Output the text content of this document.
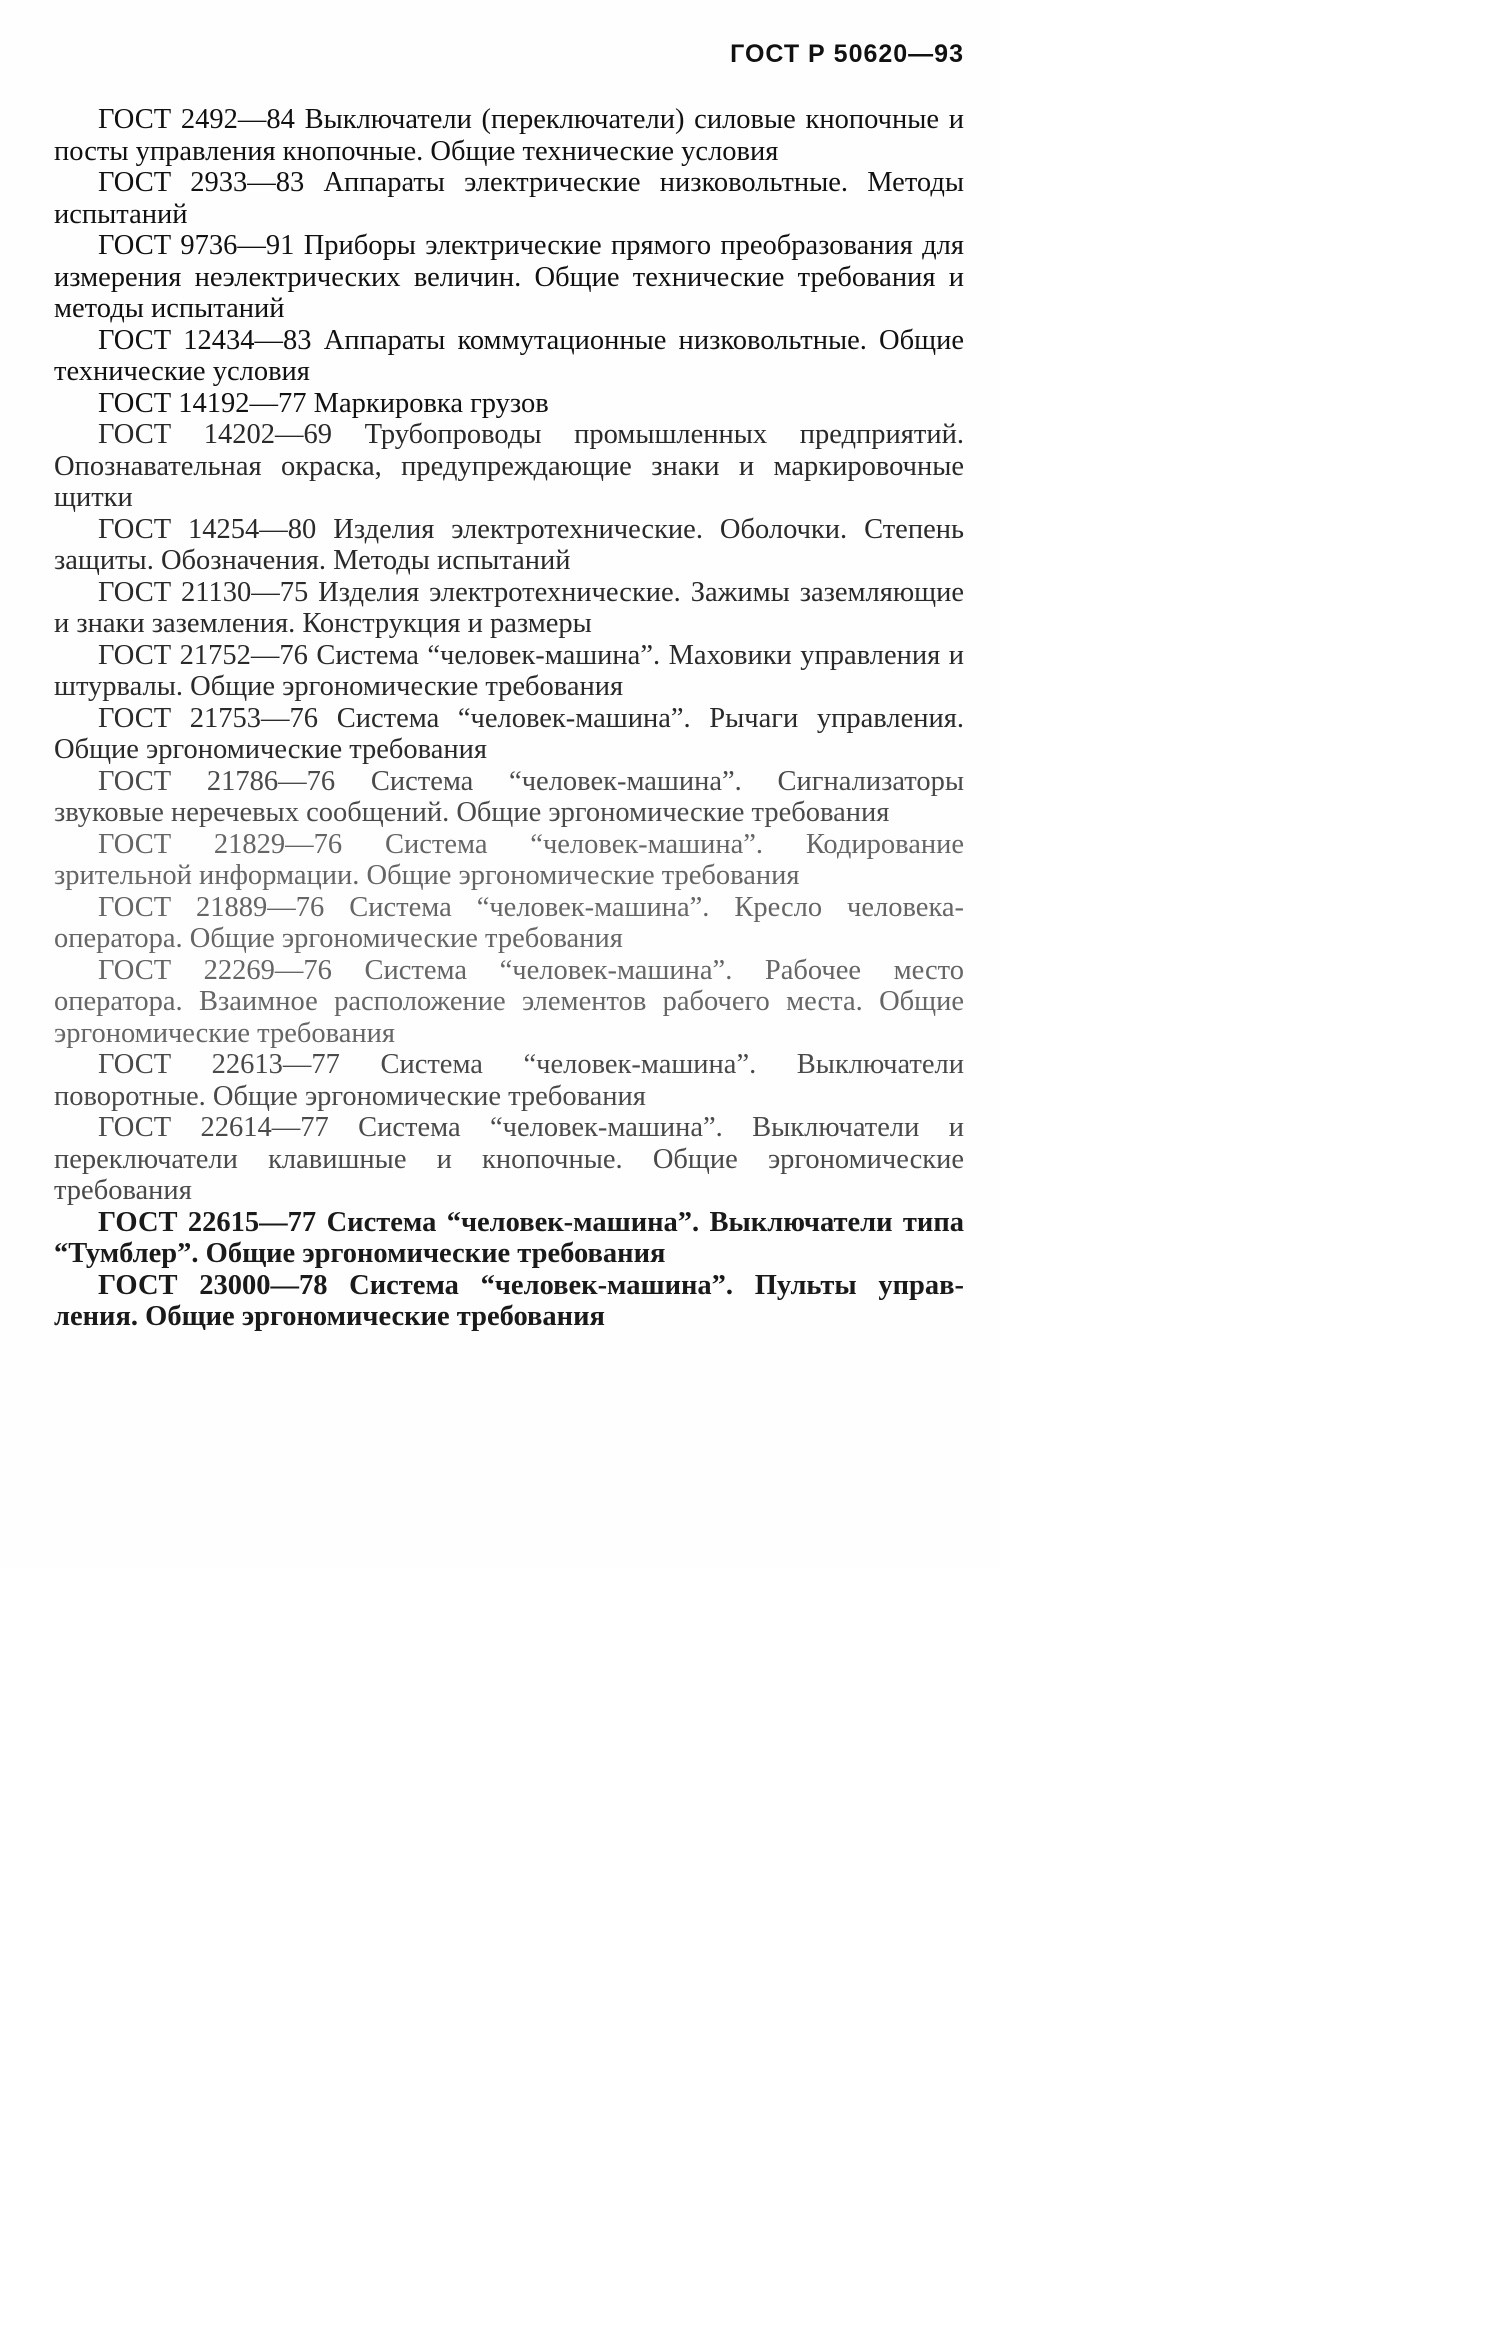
ГОСТ Р 50620—93
ГОСТ 2492—84 Выключатели (переключатели) силовые кнопочные и посты управления кнопочные. Общие технические условия
ГОСТ 2933—83 Аппараты электрические низковольтные. Методы испытаний
ГОСТ 9736—91 Приборы электрические прямого преобразования для измерения неэлектрических величин. Общие технические требования и методы испытаний
ГОСТ 12434—83 Аппараты коммутационные низковольтные. Общие технические условия
ГОСТ 14192—77 Маркировка грузов
ГОСТ 14202—69 Трубопроводы промышленных предприятий. Опознавательная окраска, предупреждающие знаки и маркировочные щитки
ГОСТ 14254—80 Изделия электротехнические. Оболочки. Степень защиты. Обозначения. Методы испытаний
ГОСТ 21130—75 Изделия электротехнические. Зажимы заземляющие и знаки заземления. Конструкция и размеры
ГОСТ 21752—76 Система “человек-машина”. Маховики управления и штурвалы. Общие эргономические требования
ГОСТ 21753—76 Система “человек-машина”. Рычаги управления. Общие эргономические требования
ГОСТ 21786—76 Система “человек-машина”. Сигнализаторы звуковые неречевых сообщений. Общие эргономические требования
ГОСТ 21829—76 Система “человек-машина”. Кодирование зрительной информации. Общие эргономические требования
ГОСТ 21889—76 Система “человек-машина”. Кресло человека-оператора. Общие эргономические требования
ГОСТ 22269—76 Система “человек-машина”. Рабочее место оператора. Взаимное расположение элементов рабочего места. Общие эргономические требования
ГОСТ 22613—77 Система “человек-машина”. Выключатели поворотные. Общие эргономические требования
ГОСТ 22614—77 Система “человек-машина”. Выключатели и переключатели клавишные и кнопочные. Общие эргономические требования
ГОСТ 22615—77 Система “человек-машина”. Выключатели типа “Тумблер”. Общие эргономические требования
ГОСТ 23000—78 Система “человек-машина”. Пульты управления. Общие эргономические требования
